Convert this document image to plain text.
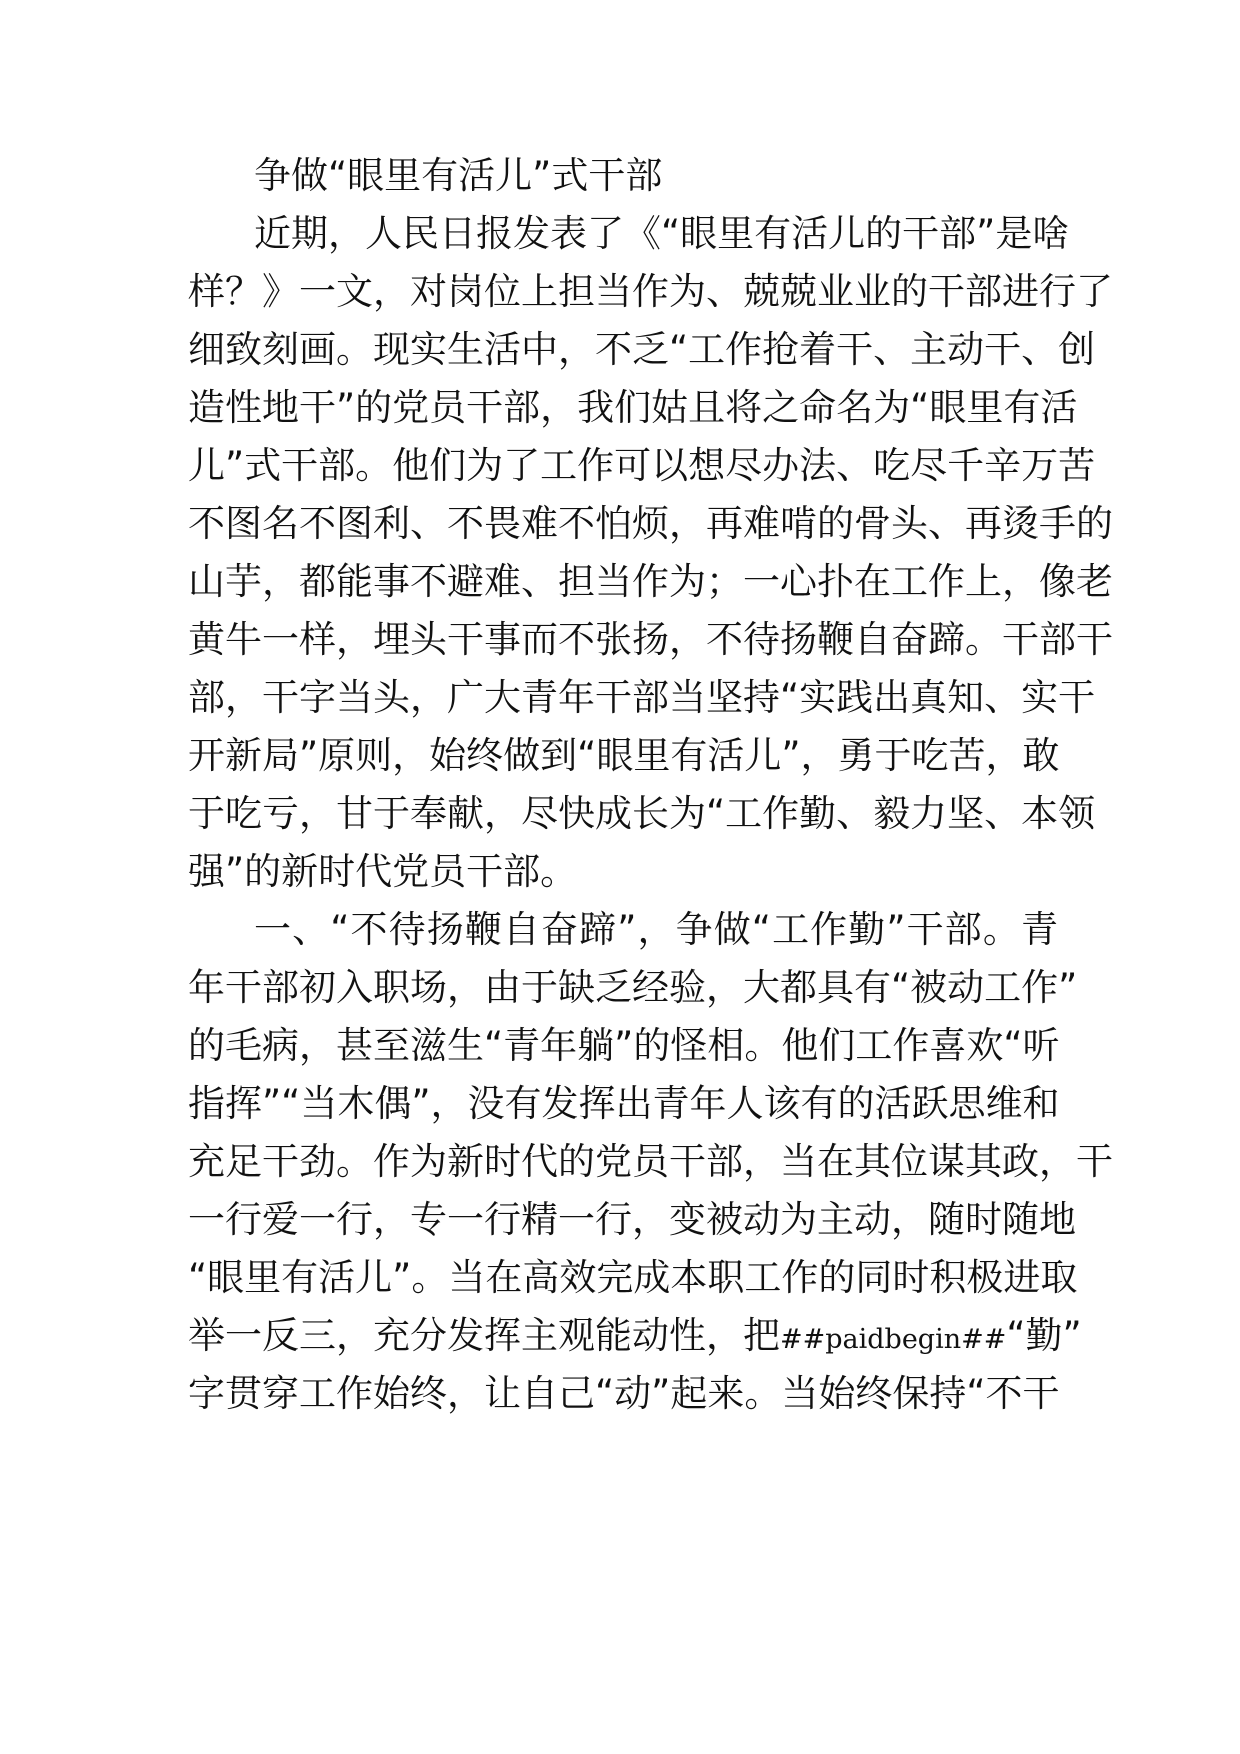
争做“眼里有活儿”式干部
近期，人民日报发表了《“眼里有活儿的干部”是啥
样？》一文，对岗位上担当作为、兢兢业业的干部进行了
细致刻画。现实生活中，不乏“工作抢着干、主动干、创
造性地干”的党员干部，我们姑且将之命名为“眼里有活
儿”式干部。他们为了工作可以想尽办法、吃尽千辛万苦
不图名不图利、不畏难不怕烦，再难啃的骨头、再烫手的
山芋，都能事不避难、担当作为；一心扑在工作上，像老
黄牛一样，埋头干事而不张扬，不待扬鞭自奋蹄。干部干
部，干字当头，广大青年干部当坚持“实践出真知、实干
开新局”原则，始终做到“眼里有活儿”，勇于吃苦，敢
于吃亏，甘于奉献，尽快成长为“工作勤、毅力坚、本领
强”的新时代党员干部。
一、“不待扬鞭自奋蹄”，争做“工作勤”干部。青
年干部初入职场，由于缺乏经验，大都具有“被动工作”
的毛病，甚至滋生“青年躺”的怪相。他们工作喜欢“听
指挥”“当木偶”，没有发挥出青年人该有的活跃思维和
充足干劲。作为新时代的党员干部，当在其位谋其政，干
一行爱一行，专一行精一行，变被动为主动，随时随地
“眼里有活儿”。当在高效完成本职工作的同时积极进取
举一反三，充分发挥主观能动性，把##paidbegin##“勤”
字贯穿工作始终，让自己“动”起来。当始终保持“不干
